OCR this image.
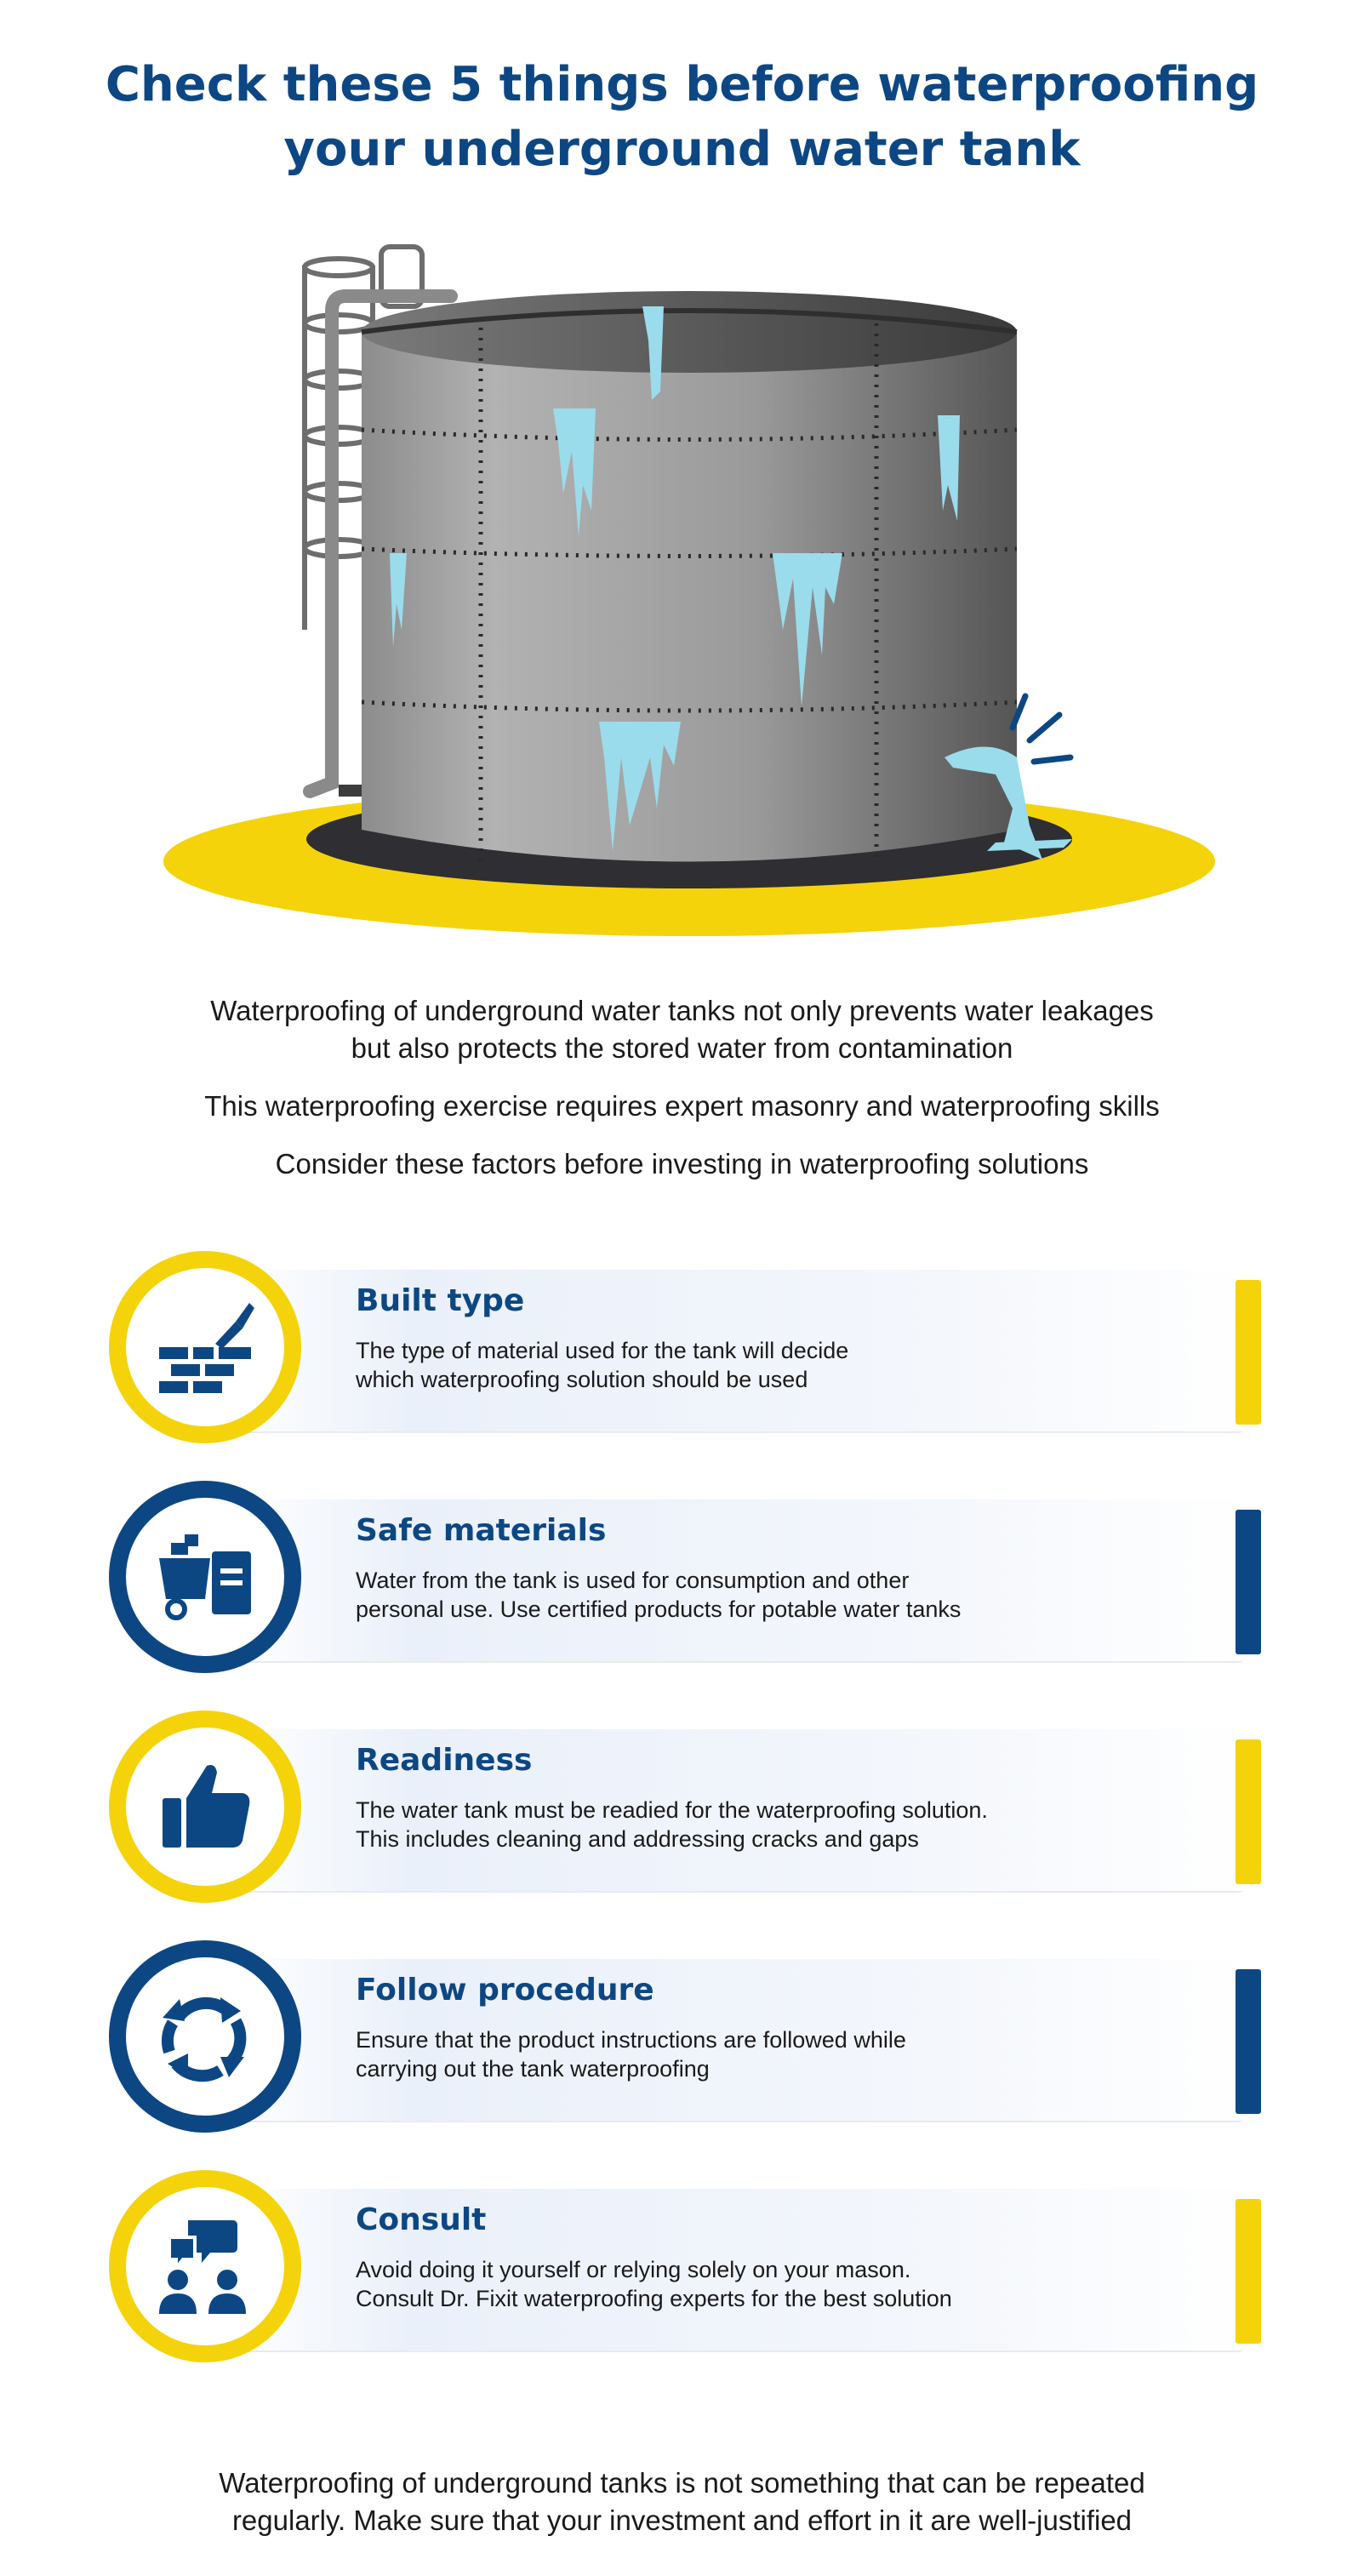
Check these 5 things before waterproofing
your underground water tank

Waterproofing of underground water tanks not only prevents water leakages
but also protects the stored water from contamination

This waterproofing exercise requires expert masonry and waterproofing skills

Consider these factors before investing in waterproofing solutions

Built type

The type of material used for the tank will decide
which waterproofing solution should be used

Safe materials

Water from the tank is used for consumption and other
personal use. Use certified products for potable water tanks

Readiness

The water tank must be readied for the waterproofing solution.
This includes cleaning and addressing cracks and gaps

Follow procedure

Ensure that the product instructions are followed while
carrying out the tank waterproofing

Consult

Avoid doing it yourself or relying solely on your mason.
Consult Dr. Fixit waterproofing experts for the best solution

Waterproofing of underground tanks is not something that can be repeated
regularly. Make sure that your investment and effort in it are well-justified
